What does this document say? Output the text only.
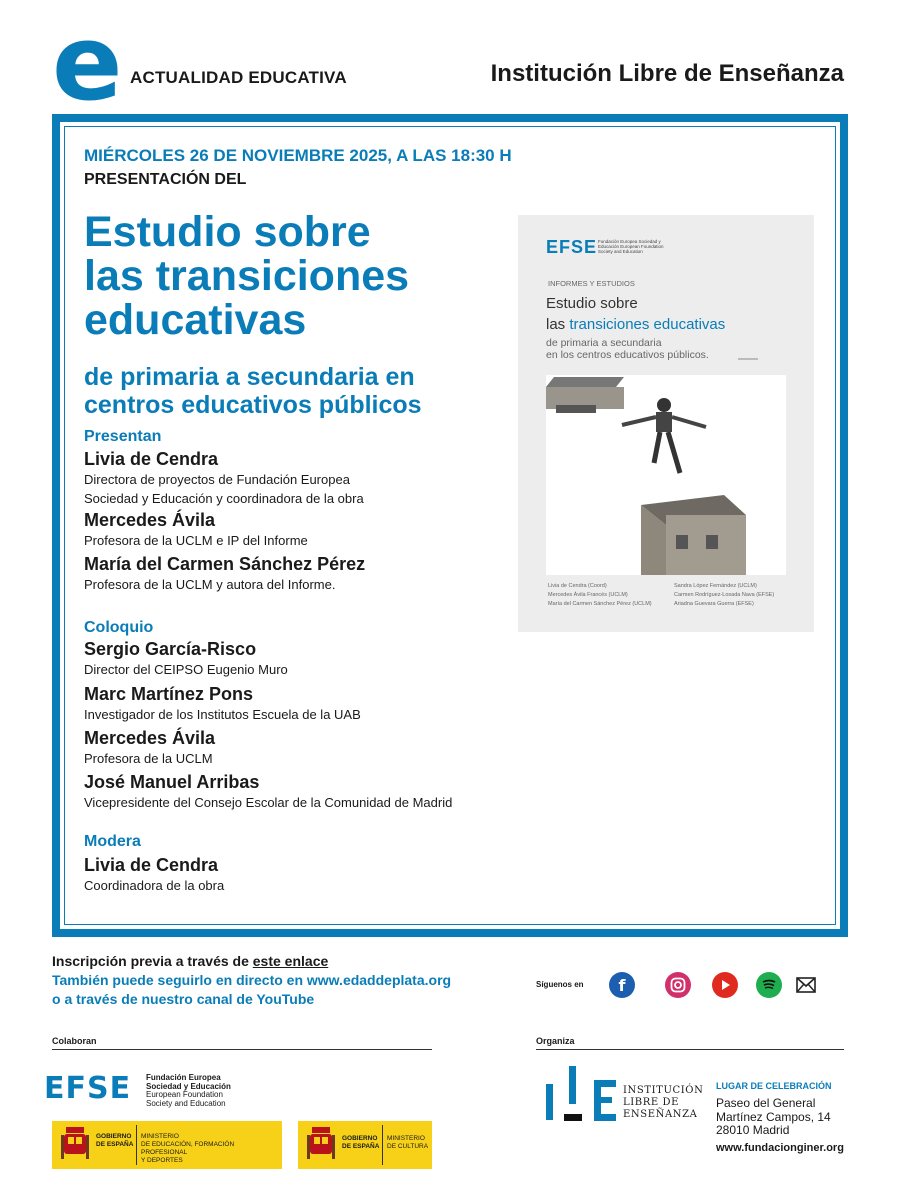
e ACTUALIDAD EDUCATIVA	Institución Libre de Enseñanza
MIÉRCOLES 26 DE NOVIEMBRE 2025, A LAS 18:30 H
PRESENTACIÓN DEL
Estudio sobre
las transiciones
educativas
de primaria a secundaria en
centros educativos públicos
Presentan
Livia de Cendra
Directora de proyectos de Fundación Europea
Sociedad y Educación y coordinadora de la obra
Mercedes Ávila
Profesora de la UCLM e IP del Informe
María del Carmen Sánchez Pérez
Profesora de la UCLM y autora del Informe.
Coloquio
Sergio García-Risco
Director del CEIPSO Eugenio Muro
Marc Martínez Pons
Investigador de los Institutos Escuela de la UAB
Mercedes Ávila
Profesora de la UCLM
José Manuel Arribas
Vicepresidente del Consejo Escolar de la Comunidad de Madrid
Modera
Livia de Cendra
Coordinadora de la obra
EFSE Fundación Europea Sociedad y Educación European Foundation Society and Education
INFORMES Y ESTUDIOS
Estudio sobre
las transiciones educativas
de primaria a secundaria
en los centros educativos públicos.
Livia de Cendra (Coord)
Mercedes Ávila Francés (UCLM)
María del Carmen Sánchez Pérez (UCLM)
Sandra López Fernández (UCLM)
Carmen Rodríguez-Losada Nava (EFSE)
Ariadna Guevara Guerra (EFSE)
Inscripción previa a través de este enlace
También puede seguirlo en directo en www.edaddeplata.org
o a través de nuestro canal de YouTube
Síguenos en	f
Colaboran
EFSE Fundación Europea
Sociedad y Educación
European Foundation
Society and Education
GOBIERNO
DE ESPAÑA
MINISTERIO
DE EDUCACIÓN, FORMACIÓN PROFESIONAL
Y DEPORTES
GOBIERNO
DE ESPAÑA
MINISTERIO
DE CULTURA
Organiza
INSTITUCIÓN
LIBRE DE
ENSEÑANZA
LUGAR DE CELEBRACIÓN
Paseo del General
Martínez Campos, 14
28010 Madrid
www.fundacionginer.org
